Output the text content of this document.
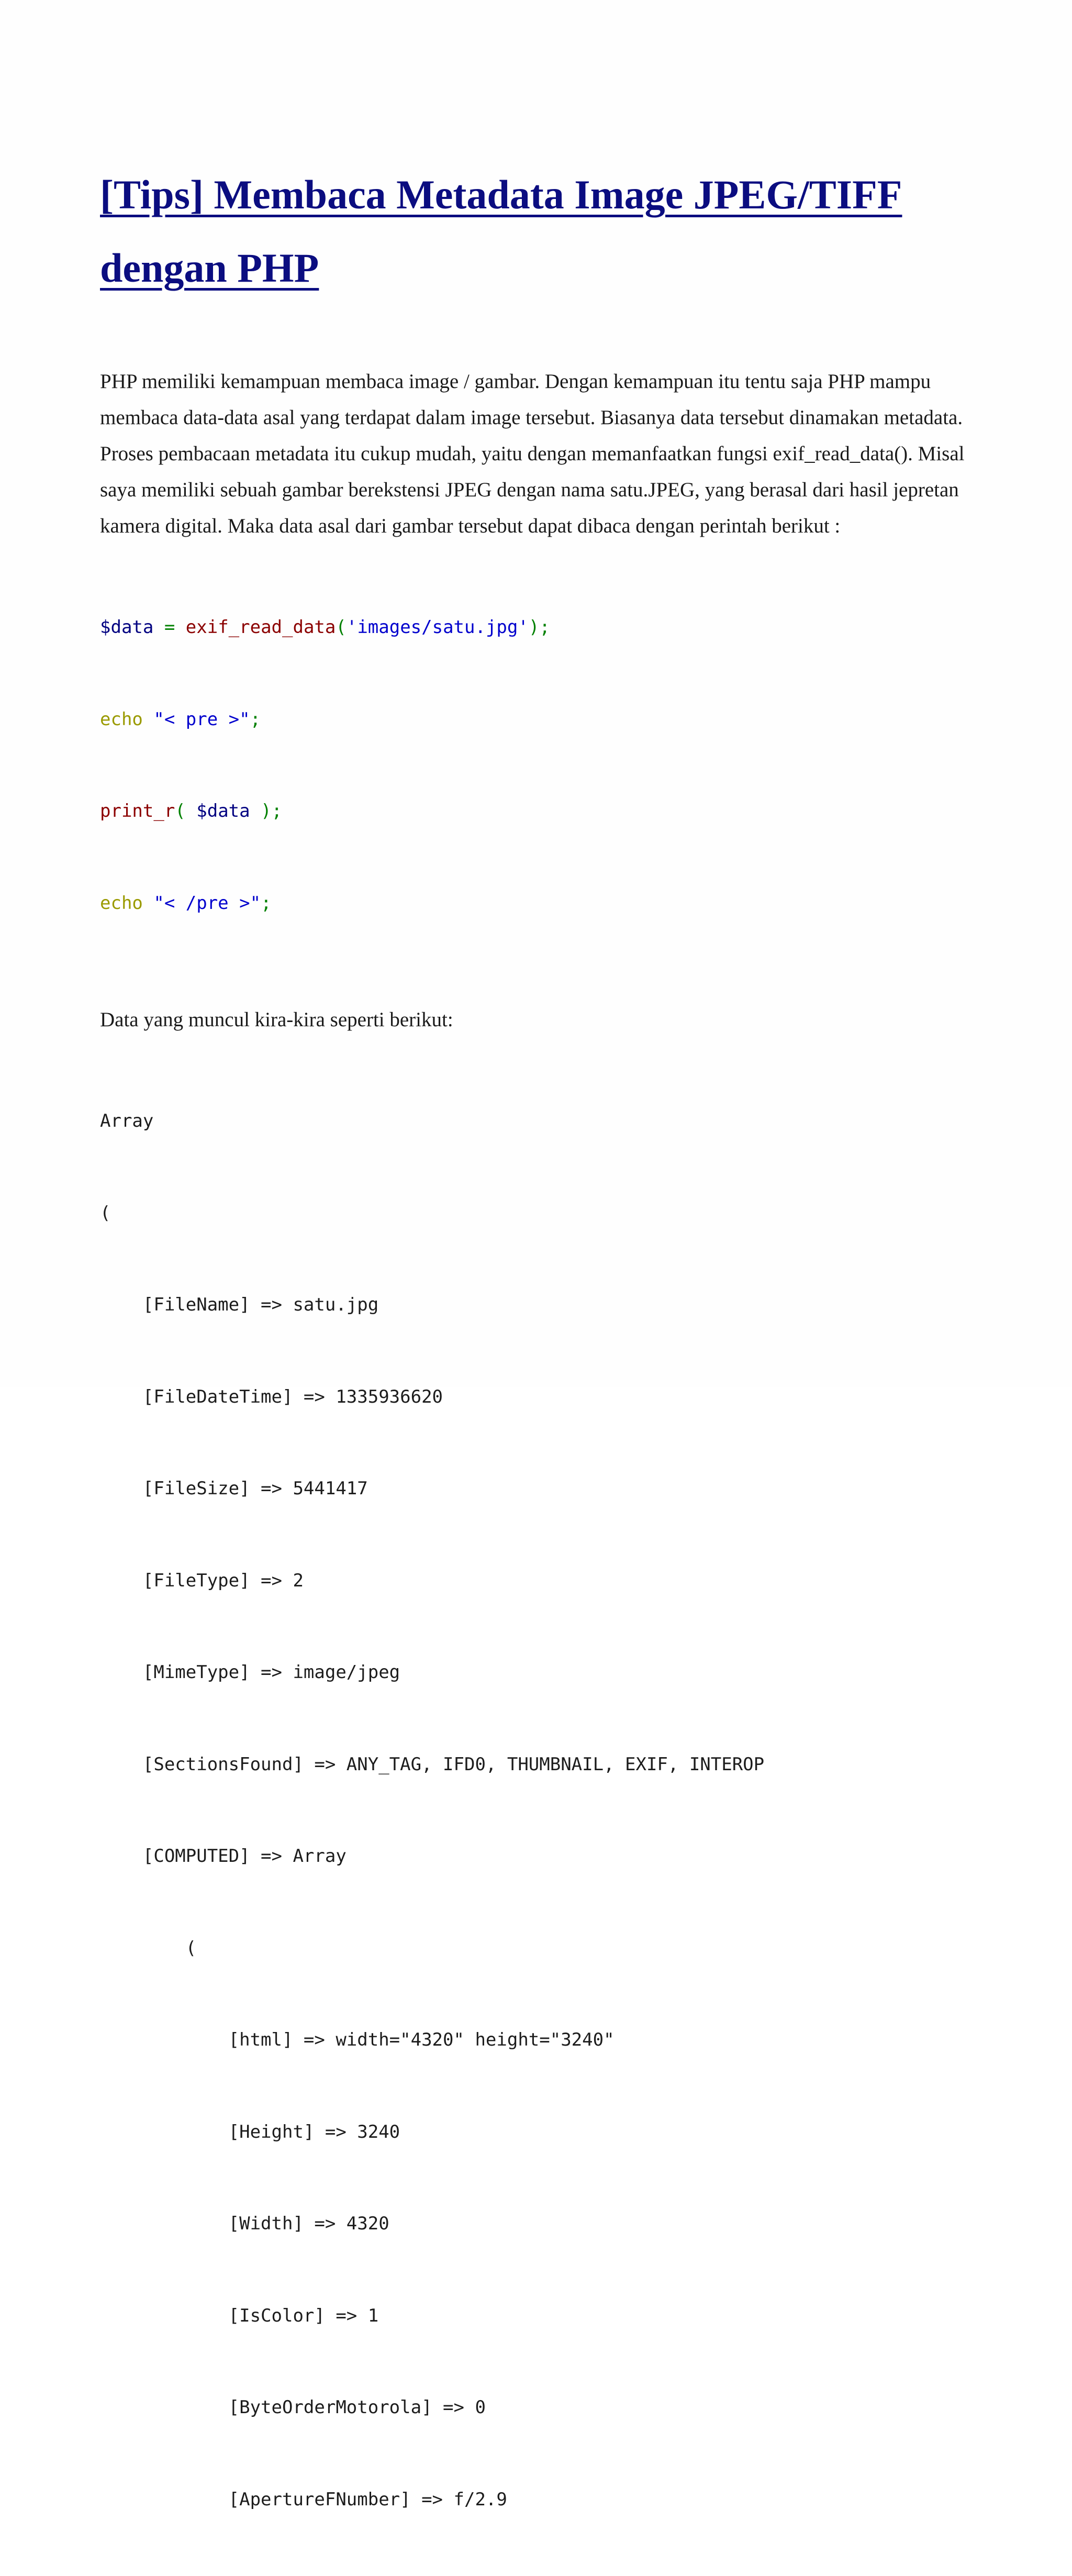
[Tips] Membaca Metadata Image JPEG/TIFF
dengan PHP

PHP memiliki kemampuan membaca image / gambar. Dengan kemampuan itu tentu saja PHP mampu membaca data-data asal yang terdapat dalam image tersebut. Biasanya data tersebut dinamakan metadata. Proses pembacaan metadata itu cukup mudah, yaitu dengan memanfaatkan fungsi exif_read_data(). Misal saya memiliki sebuah gambar berekstensi JPEG dengan nama satu.JPEG, yang berasal dari hasil jepretan kamera digital. Maka data asal dari gambar tersebut dapat dibaca dengan perintah berikut :

$data = exif_read_data('images/satu.jpg');

echo "< pre >";

print_r( $data );

echo "< /pre >";

Data yang muncul kira-kira seperti berikut:

Array

(

[FileName] => satu.jpg

[FileDateTime] => 1335936620

[FileSize] => 5441417

[FileType] => 2

[MimeType] => image/jpeg

[SectionsFound] => ANY_TAG, IFD0, THUMBNAIL, EXIF, INTEROP

[COMPUTED] => Array

(

[html] => width="4320" height="3240"

[Height] => 3240

[Width] => 4320

[IsColor] => 1

[ByteOrderMotorola] => 0

[ApertureFNumber] => f/2.9
